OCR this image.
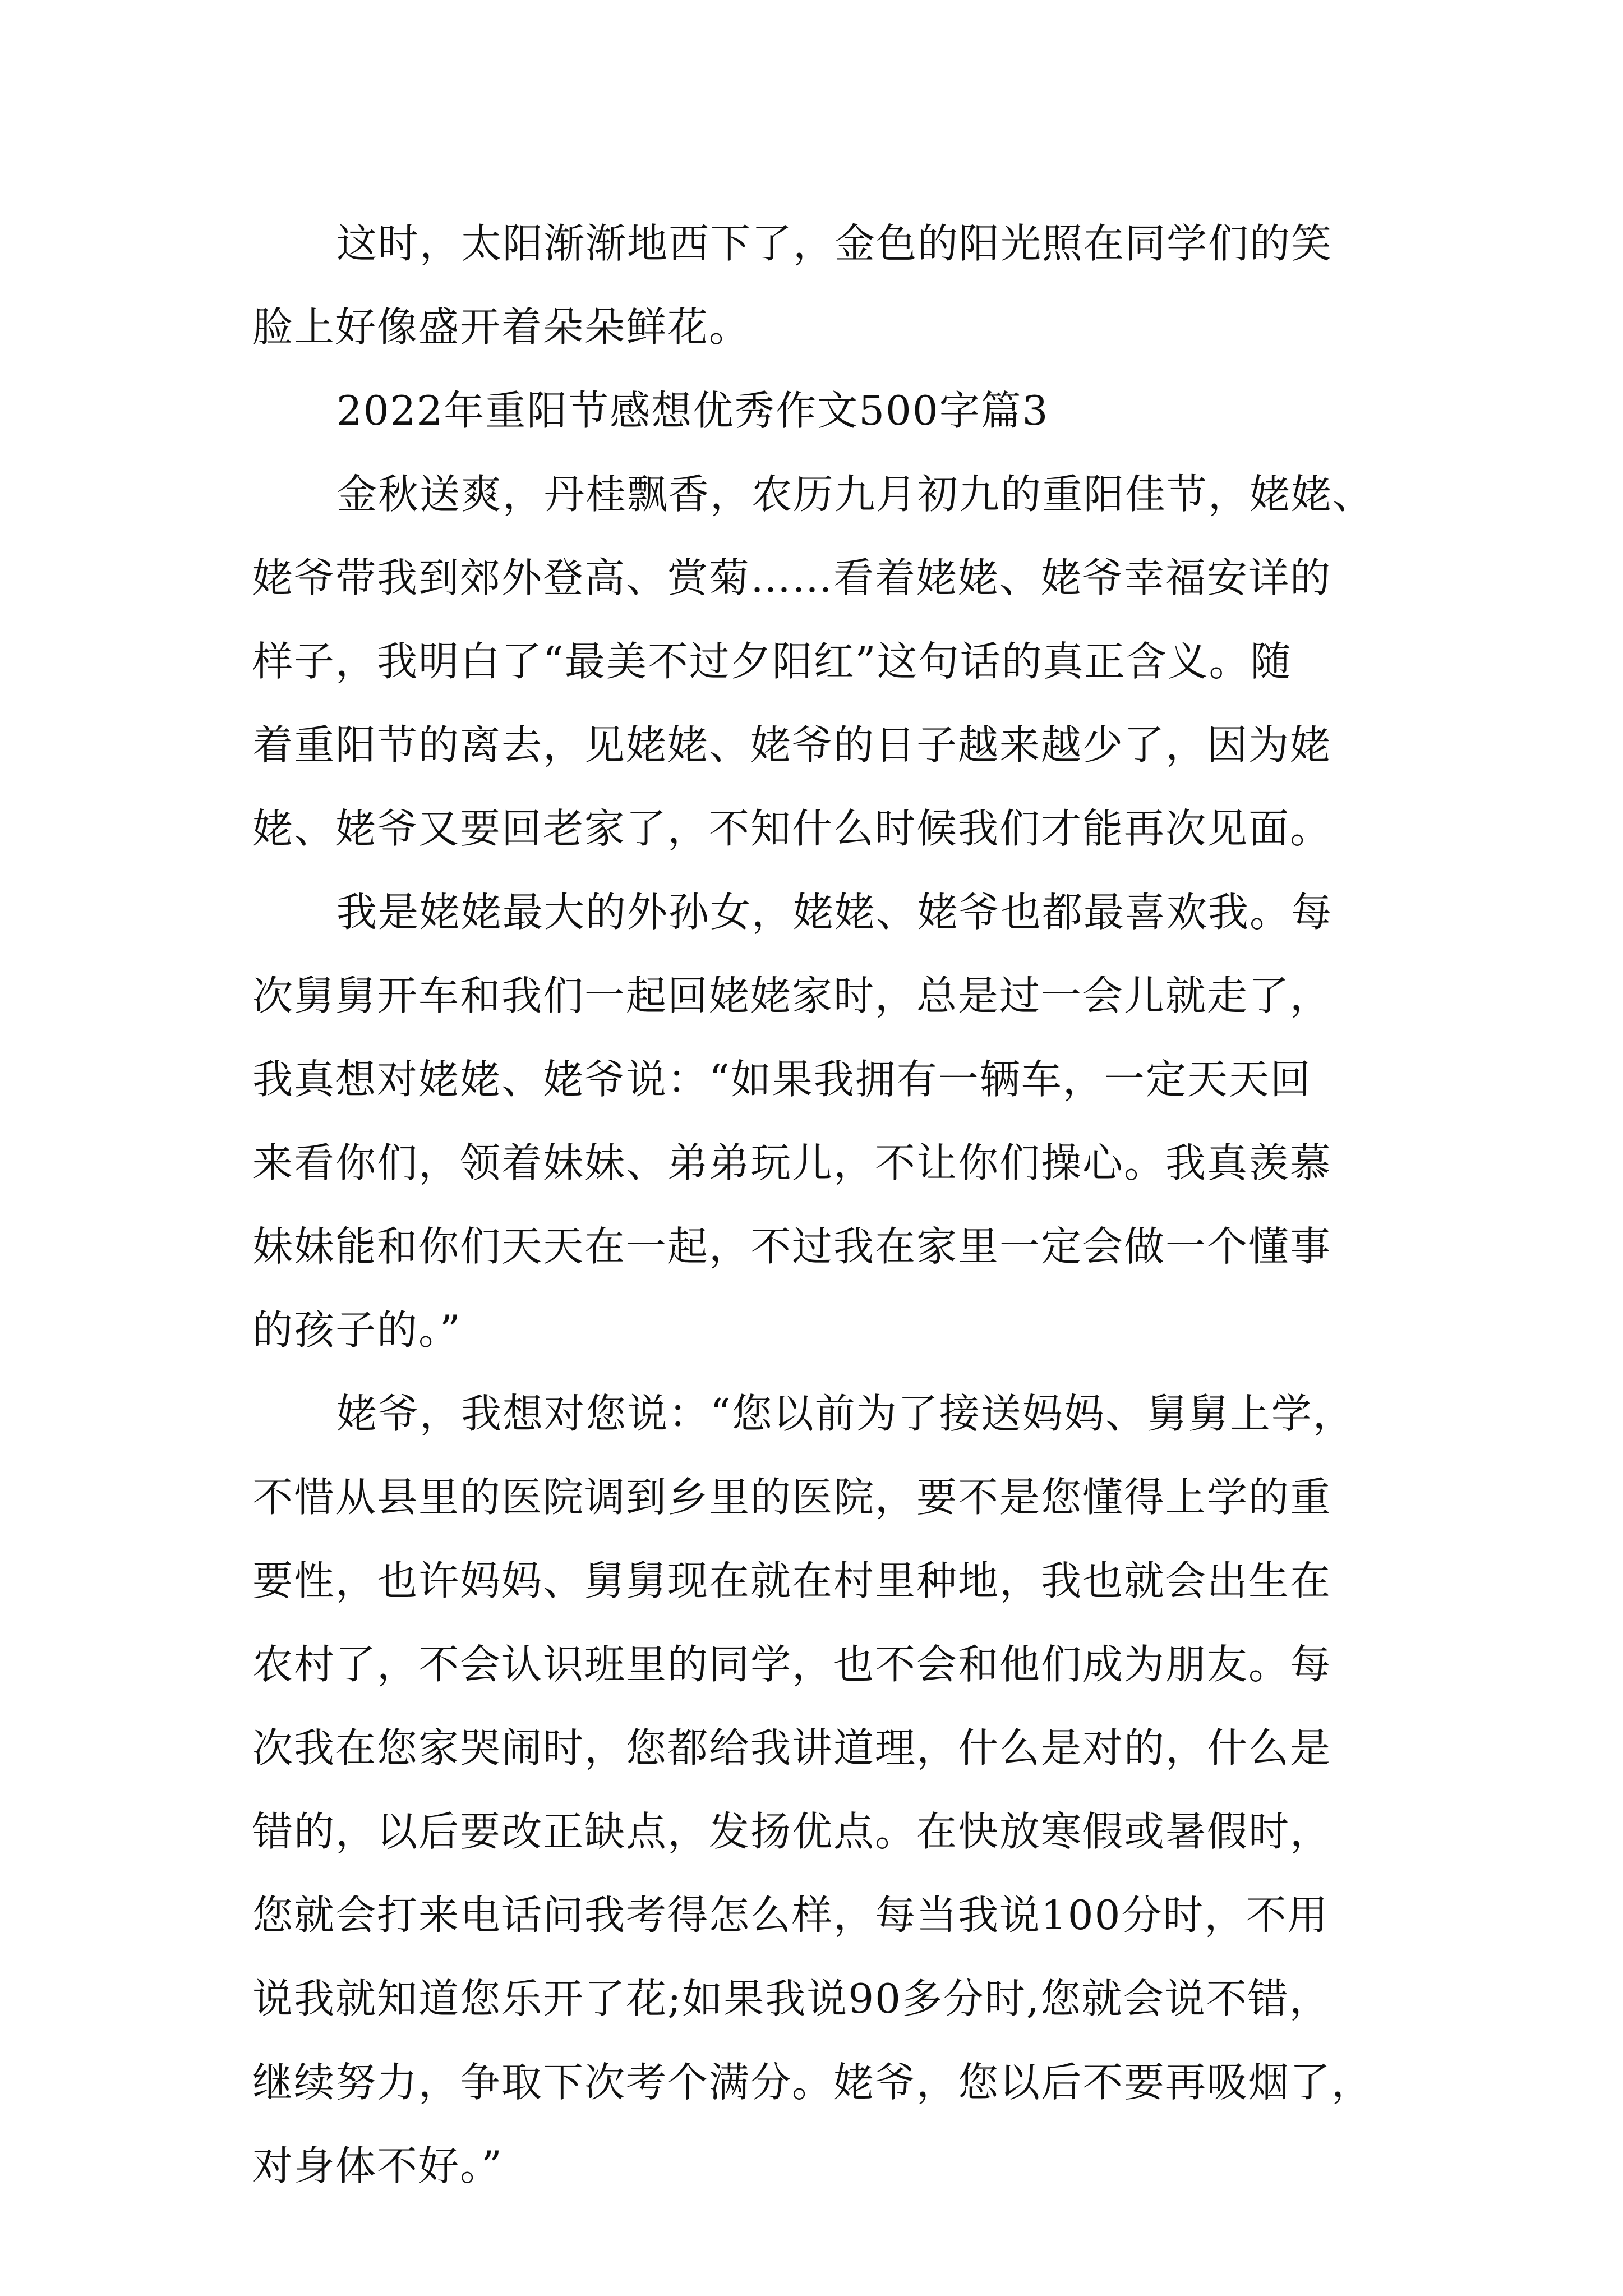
这时，太阳渐渐地西下了，金色的阳光照在同学们的笑
脸上好像盛开着朵朵鲜花。
2022年重阳节感想优秀作文500字篇3
金秋送爽，丹桂飘香，农历九月初九的重阳佳节，姥姥、
姥爷带我到郊外登高、赏菊……看着姥姥、姥爷幸福安详的
样子，我明白了“最美不过夕阳红”这句话的真正含义。随
着重阳节的离去，见姥姥、姥爷的日子越来越少了，因为姥
姥、姥爷又要回老家了，不知什么时候我们才能再次见面。
我是姥姥最大的外孙女，姥姥、姥爷也都最喜欢我。每
次舅舅开车和我们一起回姥姥家时，总是过一会儿就走了，
我真想对姥姥、姥爷说：“如果我拥有一辆车，一定天天回
来看你们，领着妹妹、弟弟玩儿，不让你们操心。我真羡慕
妹妹能和你们天天在一起，不过我在家里一定会做一个懂事
的孩子的。”
姥爷，我想对您说：“您以前为了接送妈妈、舅舅上学，
不惜从县里的医院调到乡里的医院，要不是您懂得上学的重
要性，也许妈妈、舅舅现在就在村里种地，我也就会出生在
农村了，不会认识班里的同学，也不会和他们成为朋友。每
次我在您家哭闹时，您都给我讲道理，什么是对的，什么是
错的，以后要改正缺点，发扬优点。在快放寒假或暑假时，
您就会打来电话问我考得怎么样，每当我说100分时，不用
说我就知道您乐开了花;如果我说90多分时,您就会说不错，
继续努力，争取下次考个满分。姥爷，您以后不要再吸烟了，
对身体不好。”
